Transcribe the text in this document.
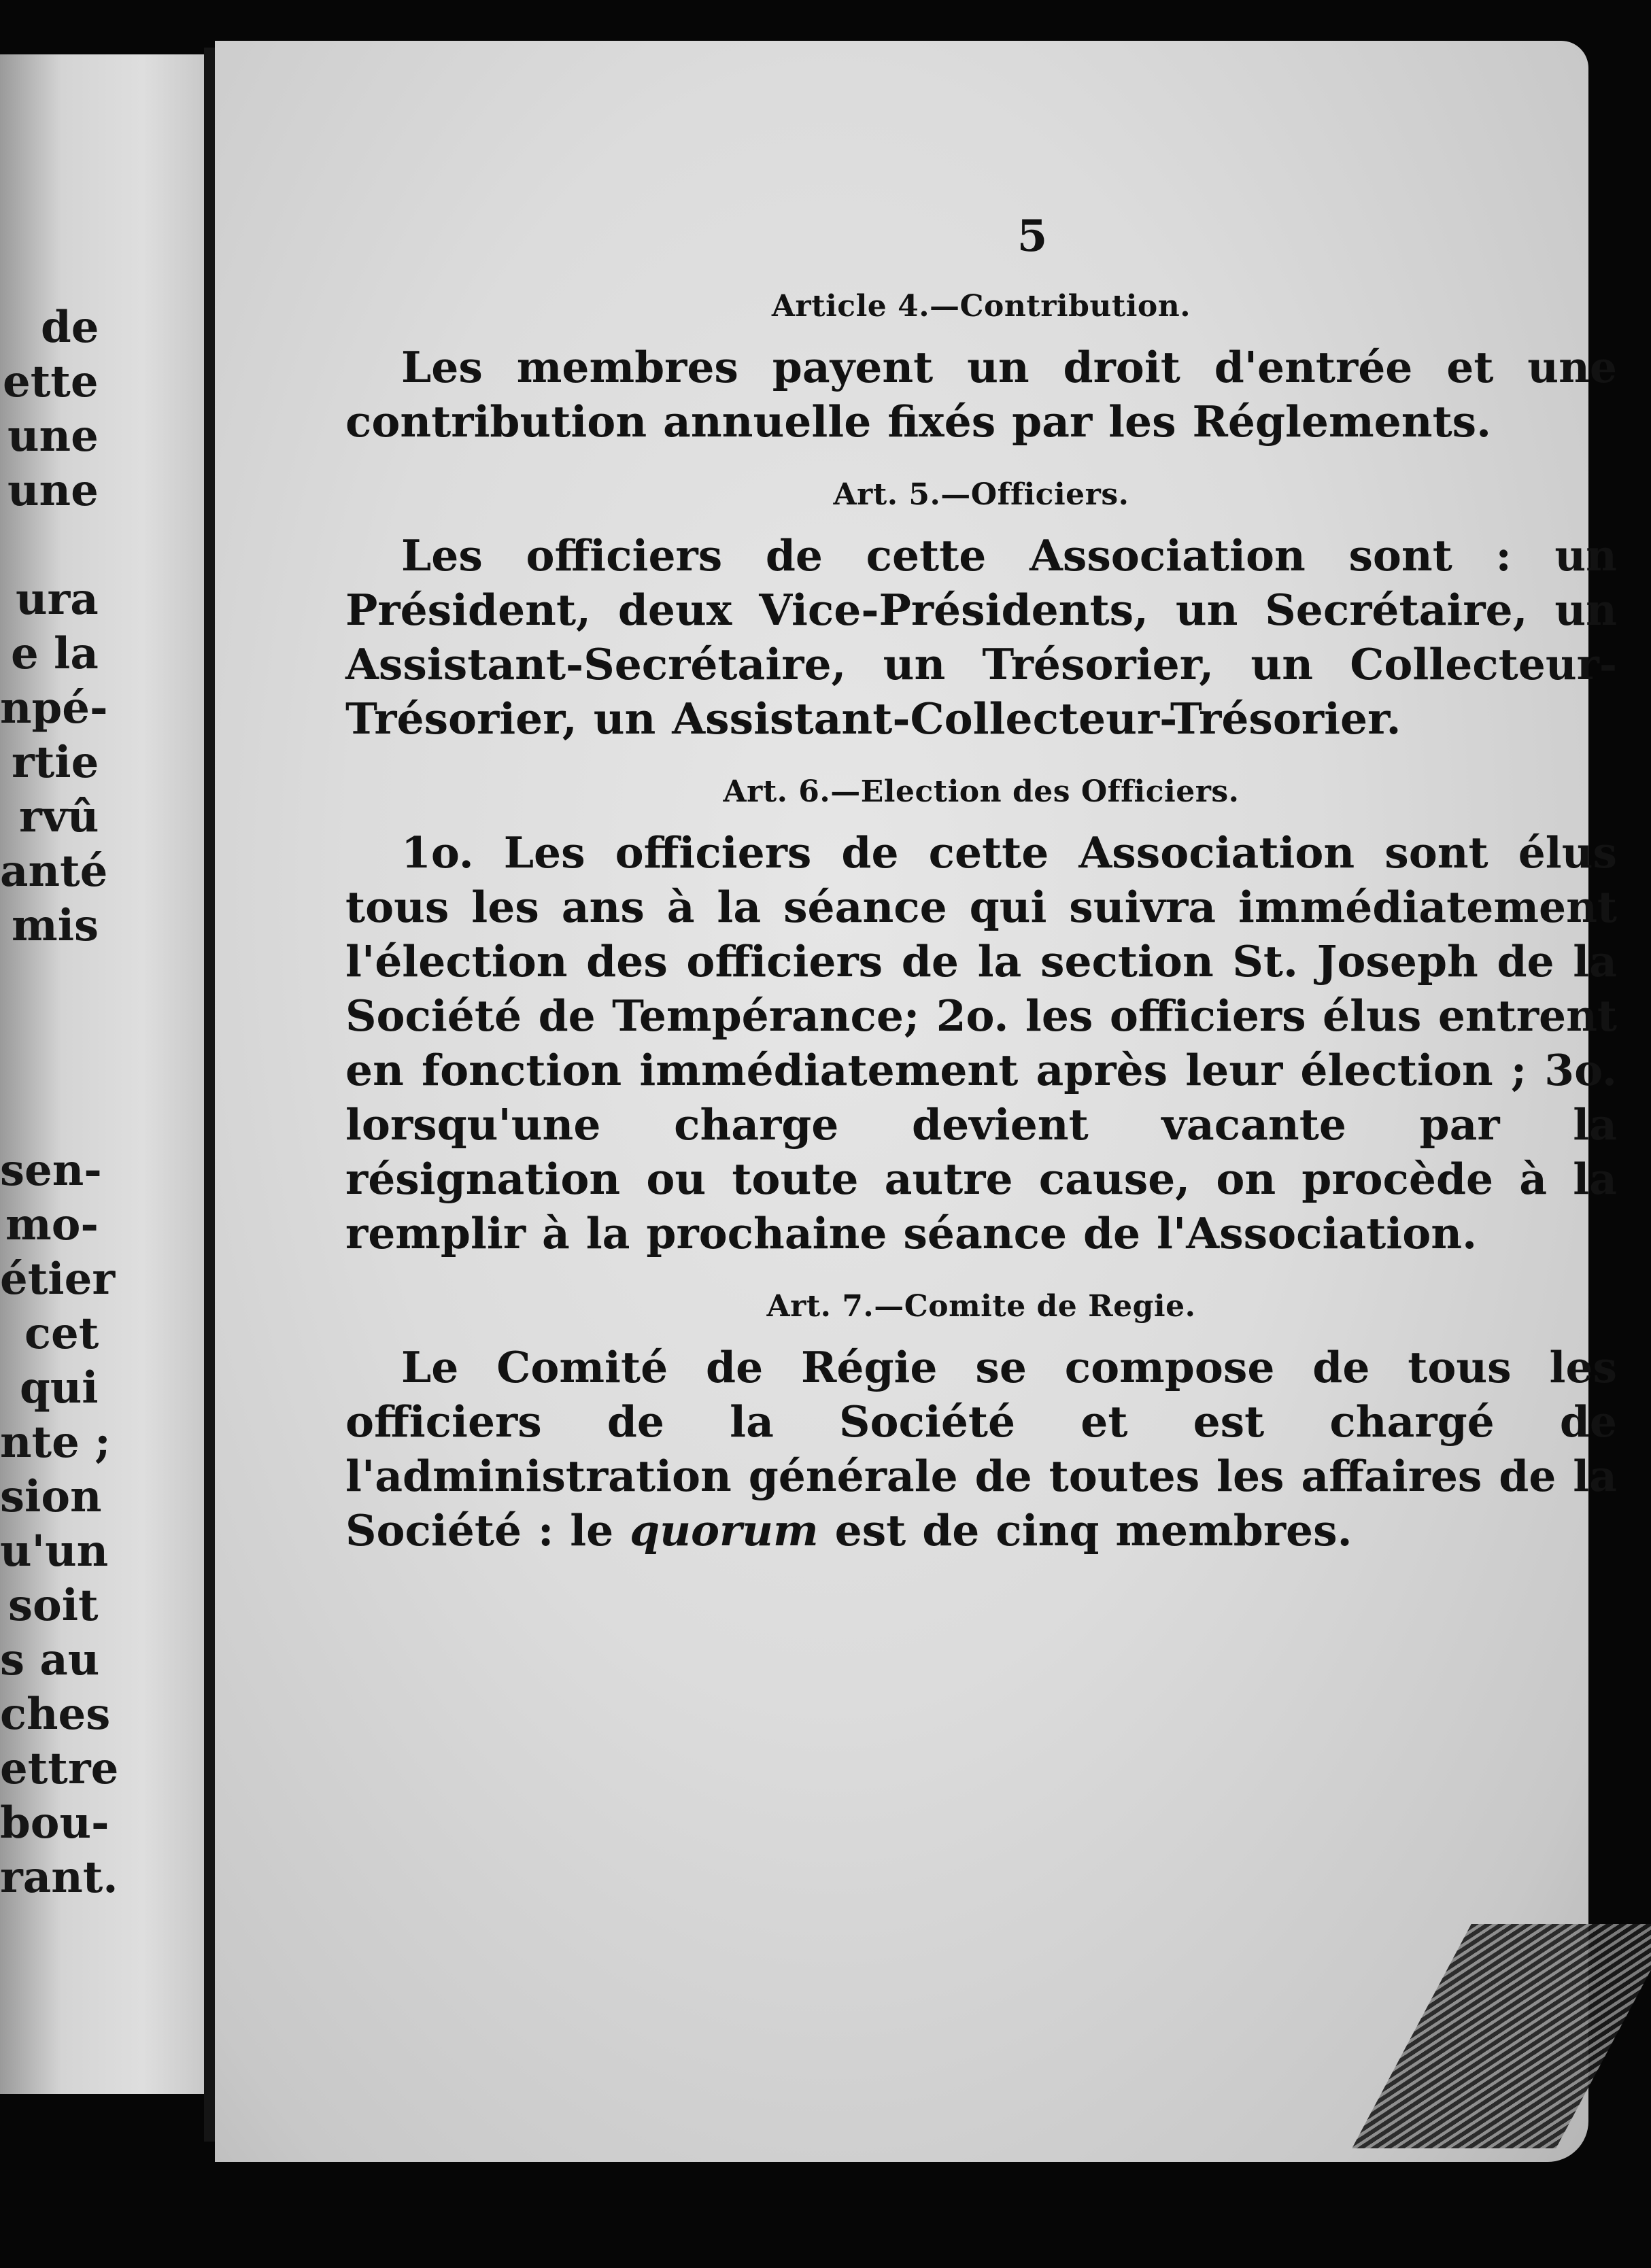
de
ette
une
une
ura
e la
npé-
rtie
rvû
anté
mis
sen-
mo-
étier
cet
qui
nte ;
sion
u'un
soit
s au
ches
ettre
bou-
rant.
5
Article 4.—Contribution.

Les membres payent un droit d'entrée et une contribution annuelle fixés par les Réglements.

Art. 5.—Officiers.

Les officiers de cette Association sont : un Président, deux Vice-Présidents, un Secrétaire, un Assistant-Secrétaire, un Trésorier, un Collecteur-Trésorier, un Assistant-Collecteur-Trésorier.

Art. 6.—Election des Officiers.

1o. Les officiers de cette Association sont élus tous les ans à la séance qui suivra immédiatement l'élection des officiers de la section St. Joseph de la Société de Tempérance; 2o. les officiers élus entrent en fonction immédiatement après leur élection ; 3o. lorsqu'une charge devient vacante par la résignation ou toute autre cause, on procède à la remplir à la prochaine séance de l'Association.

Art. 7.—Comite de Regie.

Le Comité de Régie se compose de tous les officiers de la Société et est chargé de l'administration générale de toutes les affaires de la Société : le quorum est de cinq membres.
